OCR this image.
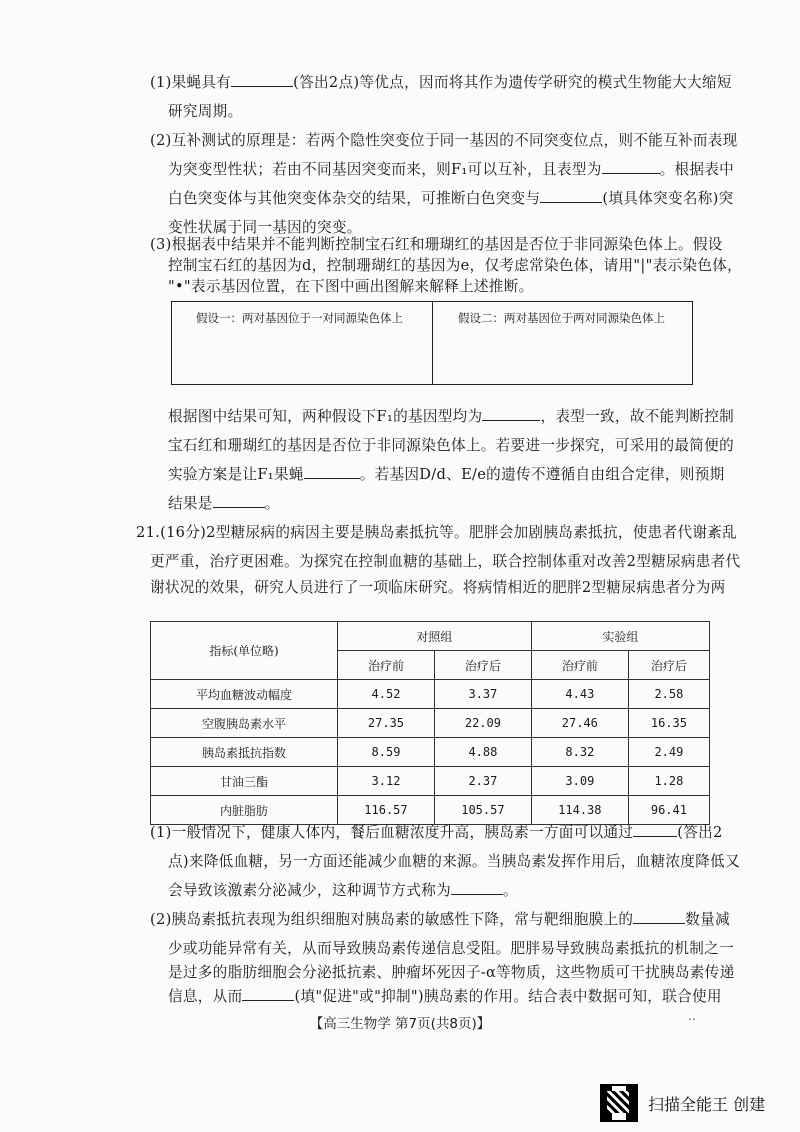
(1)果蝇具有	(答出2点)等优点，因而将其作为遗传学研究的模式生物能大大缩短
研究周期。
(2)互补测试的原理是：若两个隐性突变位于同一基因的不同突变位点，则不能互补而表现
为突变型性状；若由不同基因突变而来，则F₁可以互补，且表型为	。根据表中
白色突变体与其他突变体杂交的结果，可推断白色突变与	(填具体突变名称)突
变性状属于同一基因的突变。
(3)根据表中结果并不能判断控制宝石红和珊瑚红的基因是否位于非同源染色体上。假设
控制宝石红的基因为d，控制珊瑚红的基因为e，仅考虑常染色体，请用"|"表示染色体，
"•"表示基因位置，在下图中画出图解来解释上述推断。
假设一：两对基因位于一对同源染色体上	假设二：两对基因位于两对同源染色体上
根据图中结果可知，两种假设下F₁的基因型均为	，表型一致，故不能判断控制
宝石红和珊瑚红的基因是否位于非同源染色体上。若要进一步探究，可采用的最简便的
实验方案是让F₁果蝇	。若基因D/d、E/e的遗传不遵循自由组合定律，则预期
结果是	。
21.(16分)2型糖尿病的病因主要是胰岛素抵抗等。肥胖会加剧胰岛素抵抗，使患者代谢紊乱
更严重，治疗更困难。为探究在控制血糖的基础上，联合控制体重对改善2型糖尿病患者代
谢状况的效果，研究人员进行了一项临床研究。将病情相近的肥胖2型糖尿病患者分为两
指标(单位略)	对照组		实验组	
	治疗前	治疗后	治疗前	治疗后
平均血糖波动幅度	4.52	3.37	4.43	2.58
空腹胰岛素水平	27.35	22.09	27.46	16.35
胰岛素抵抗指数	8.59	4.88	8.32	2.49
甘油三酯	3.12	2.37	3.09	1.28
内脏脂肪	116.57	105.57	114.38	96.41
(1)一般情况下，健康人体内，餐后血糖浓度升高，胰岛素一方面可以通过	(答出2
点)来降低血糖，另一方面还能减少血糖的来源。当胰岛素发挥作用后，血糖浓度降低又
会导致该激素分泌减少，这种调节方式称为	。
(2)胰岛素抵抗表现为组织细胞对胰岛素的敏感性下降，常与靶细胞膜上的	数量减
少或功能异常有关，从而导致胰岛素传递信息受阻。肥胖易导致胰岛素抵抗的机制之一
是过多的脂肪细胞会分泌抵抗素、肿瘤坏死因子-α等物质，这些物质可干扰胰岛素传递
信息，从而	(填"促进"或"抑制")胰岛素的作用。结合表中数据可知，联合使用
【高三生物学 第7页(共8页)】	..
扫描全能王 创建
